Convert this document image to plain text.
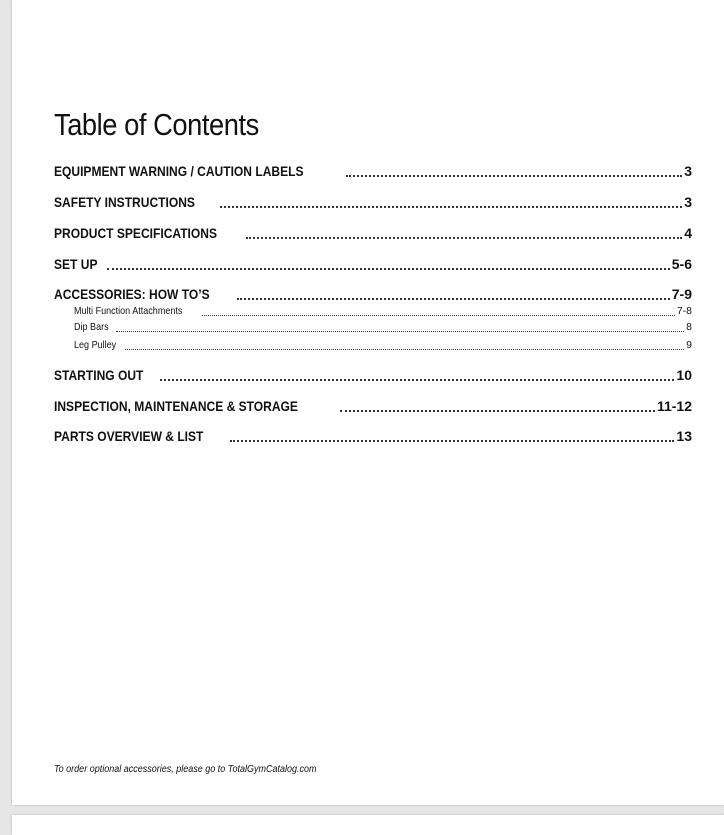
Table of Contents
EQUIPMENT WARNING / CAUTION LABELS	3
SAFETY INSTRUCTIONS	3
PRODUCT SPECIFICATIONS	4
SET UP	5-6
ACCESSORIES: HOW TO’S	7-9
Multi Function Attachments	7-8
Dip Bars	8
Leg Pulley	9
STARTING OUT	10
INSPECTION, MAINTENANCE & STORAGE	11-12
PARTS OVERVIEW & LIST	13
To order optional accessories, please go to TotalGymCatalog.com
